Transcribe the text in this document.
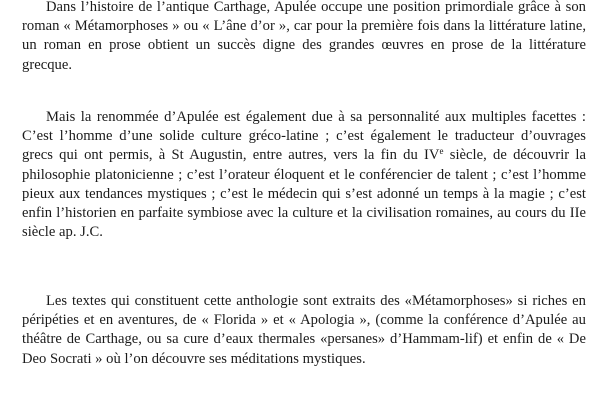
Dans l’histoire de l’antique Carthage, Apulée occupe une position primordiale grâce à son roman « Métamorphoses » ou « L’âne d’or », car pour la première fois dans la littérature latine, un roman en prose obtient un succès digne des grandes œuvres en prose de la littérature grecque.

Mais la renommée d’Apulée est également due à sa personnalité aux multiples facettes : C’est l’homme d’une solide culture gréco-latine ; c’est également le traducteur d’ouvrages grecs qui ont permis, à St Augustin, entre autres, vers la fin du IVe siècle, de découvrir la philosophie platonicienne ; c’est l’orateur éloquent et le conférencier de talent ; c’est l’homme pieux aux tendances mystiques ; c’est le médecin qui s’est adonné un temps à la magie ; c’est enfin l’historien en parfaite symbiose avec la culture et la civilisation romaines, au cours du IIe siècle ap. J.C.

Les textes qui constituent cette anthologie sont extraits des «Métamorphoses» si riches en péripéties et en aventures, de « Florida » et « Apologia », (comme la conférence d’Apulée au théâtre de Carthage, ou sa cure d’eaux thermales «persanes» d’Hammam-lif) et enfin de « De Deo Socrati » où l’on découvre ses méditations mystiques.
